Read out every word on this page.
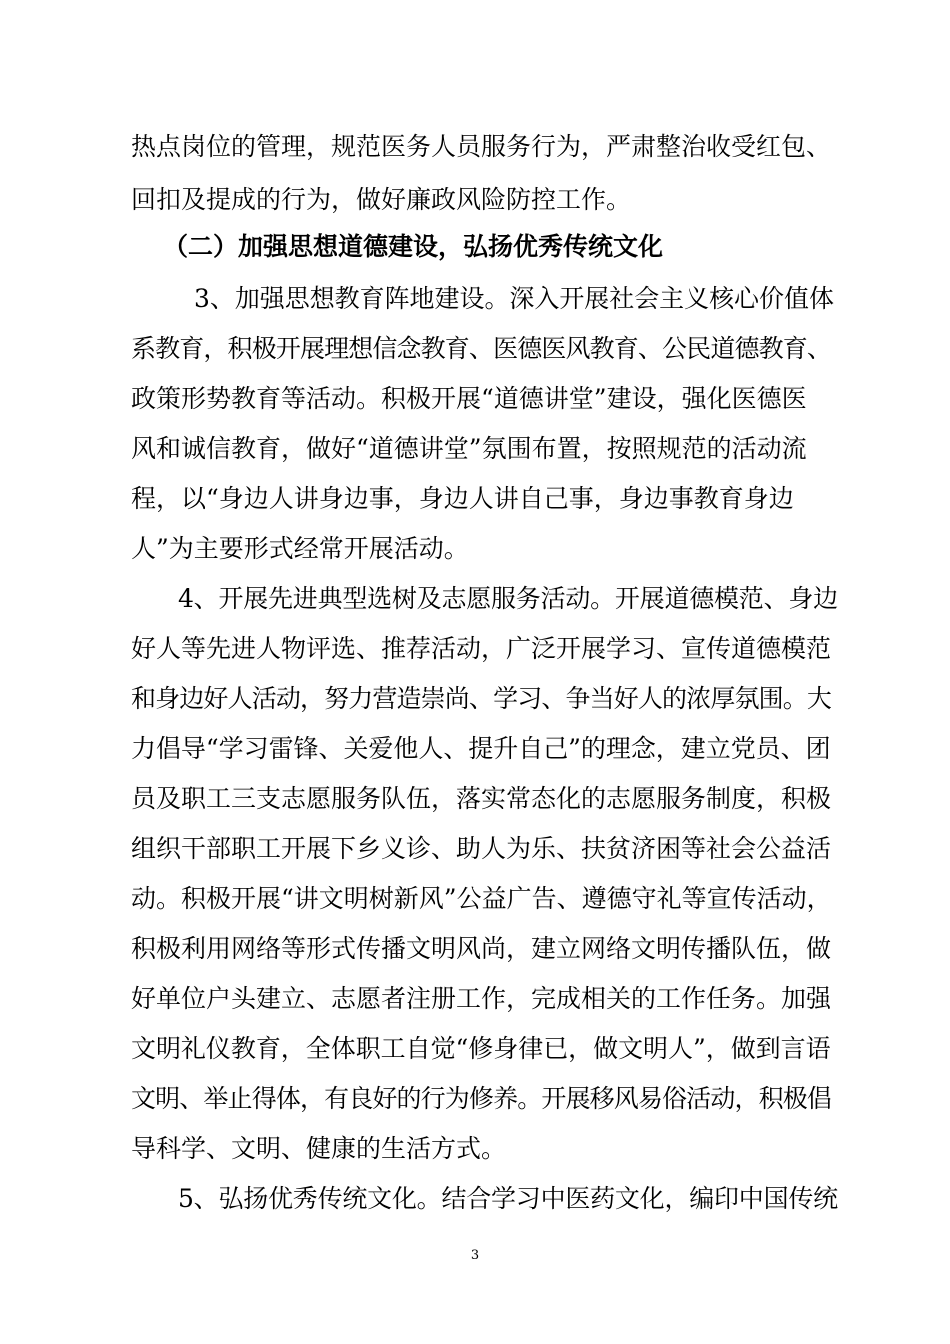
热点岗位的管理，规范医务人员服务行为，严肃整治收受红包、
回扣及提成的行为，做好廉政风险防控工作。
（二）加强思想道德建设，弘扬优秀传统文化
3、加强思想教育阵地建设。深入开展社会主义核心价值体
系教育，积极开展理想信念教育、医德医风教育、公民道德教育、
政策形势教育等活动。积极开展“道德讲堂”建设，强化医德医
风和诚信教育，做好“道德讲堂”氛围布置，按照规范的活动流
程，以“身边人讲身边事，身边人讲自己事，身边事教育身边
人”为主要形式经常开展活动。
4、开展先进典型选树及志愿服务活动。开展道德模范、身边
好人等先进人物评选、推荐活动，广泛开展学习、宣传道德模范
和身边好人活动，努力营造崇尚、学习、争当好人的浓厚氛围。大
力倡导“学习雷锋、关爱他人、提升自己”的理念，建立党员、团
员及职工三支志愿服务队伍，落实常态化的志愿服务制度，积极
组织干部职工开展下乡义诊、助人为乐、扶贫济困等社会公益活
动。积极开展“讲文明树新风”公益广告、遵德守礼等宣传活动，
积极利用网络等形式传播文明风尚，建立网络文明传播队伍，做
好单位户头建立、志愿者注册工作，完成相关的工作任务。加强
文明礼仪教育，全体职工自觉“修身律已，做文明人”，做到言语
文明、举止得体，有良好的行为修养。开展移风易俗活动，积极倡
导科学、文明、健康的生活方式。
5、弘扬优秀传统文化。结合学习中医药文化，编印中国传统
3
